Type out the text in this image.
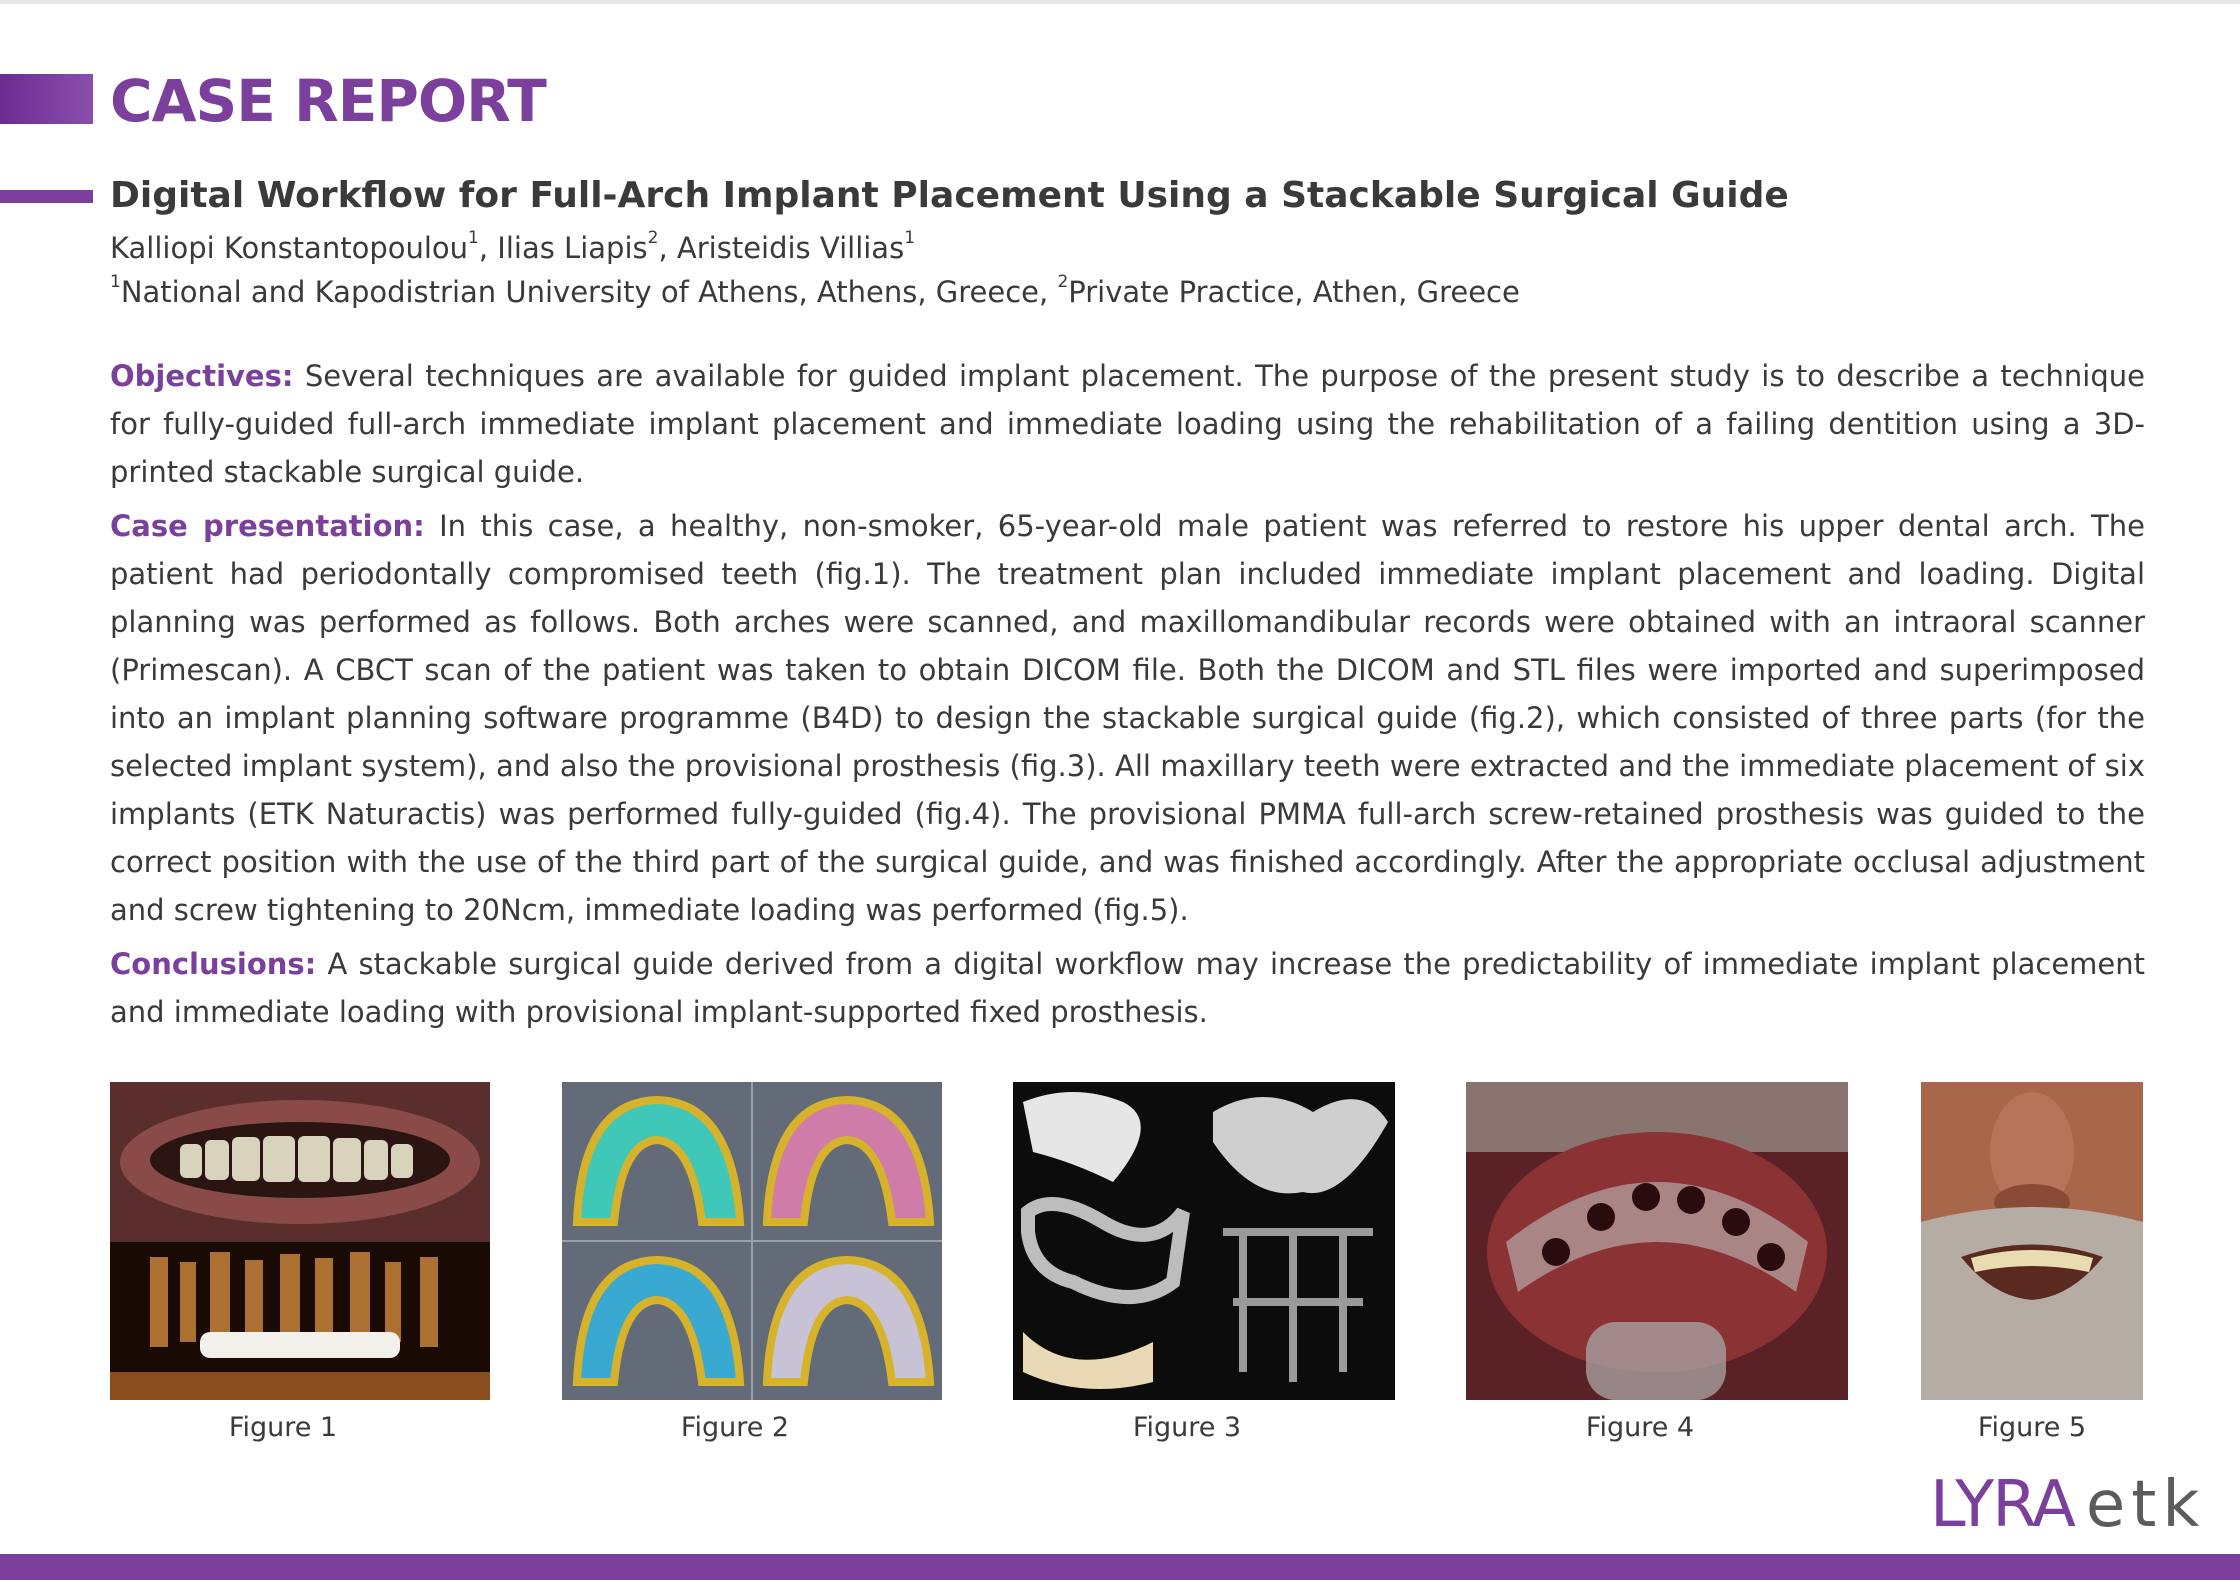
CASE REPORT
Digital Workflow for Full-Arch Implant Placement Using a Stackable Surgical Guide
Kalliopi Konstantopoulou$^1$, Ilias Liapis$^2$, Aristeidis Villias$^1$
$^1$National and Kapodistrian University of Athens, Athens, Greece, $^2$Private Practice, Athen, Greece

Objectives: Several techniques are available for guided implant placement. The purpose of the present study is to describe a technique for fully-guided full-arch immediate implant placement and immediate loading using the rehabilitation of a failing dentition using a 3D-printed stackable surgical guide.

Case presentation: In this case, a healthy, non-smoker, 65-year-old male patient was referred to restore his upper dental arch. The patient had periodontally compromised teeth (fig.1). The treatment plan included immediate implant placement and loading. Digital planning was performed as follows. Both arches were scanned, and maxillomandibular records were obtained with an intraoral scanner (Primescan). A CBCT scan of the patient was taken to obtain DICOM file. Both the DICOM and STL files were imported and superimposed into an implant planning software programme (B4D) to design the stackable surgical guide (fig.2), which consisted of three parts (for the selected implant system), and also the provisional prosthesis (fig.3). All maxillary teeth were extracted and the immediate placement of six implants (ETK Naturactis) was performed fully-guided (fig.4). The provisional PMMA full-arch screw-retained prosthesis was guided to the correct position with the use of the third part of the surgical guide, and was finished accordingly. After the appropriate occlusal adjustment and screw tightening to 20Ncm, immediate loading was performed (fig.5).

Conclusions: A stackable surgical guide derived from a digital workflow may increase the predictability of immediate implant placement and immediate loading with provisional implant-supported fixed prosthesis.

Figure 1	Figure 2	Figure 3	Figure 4	Figure 5
LYRA etk
